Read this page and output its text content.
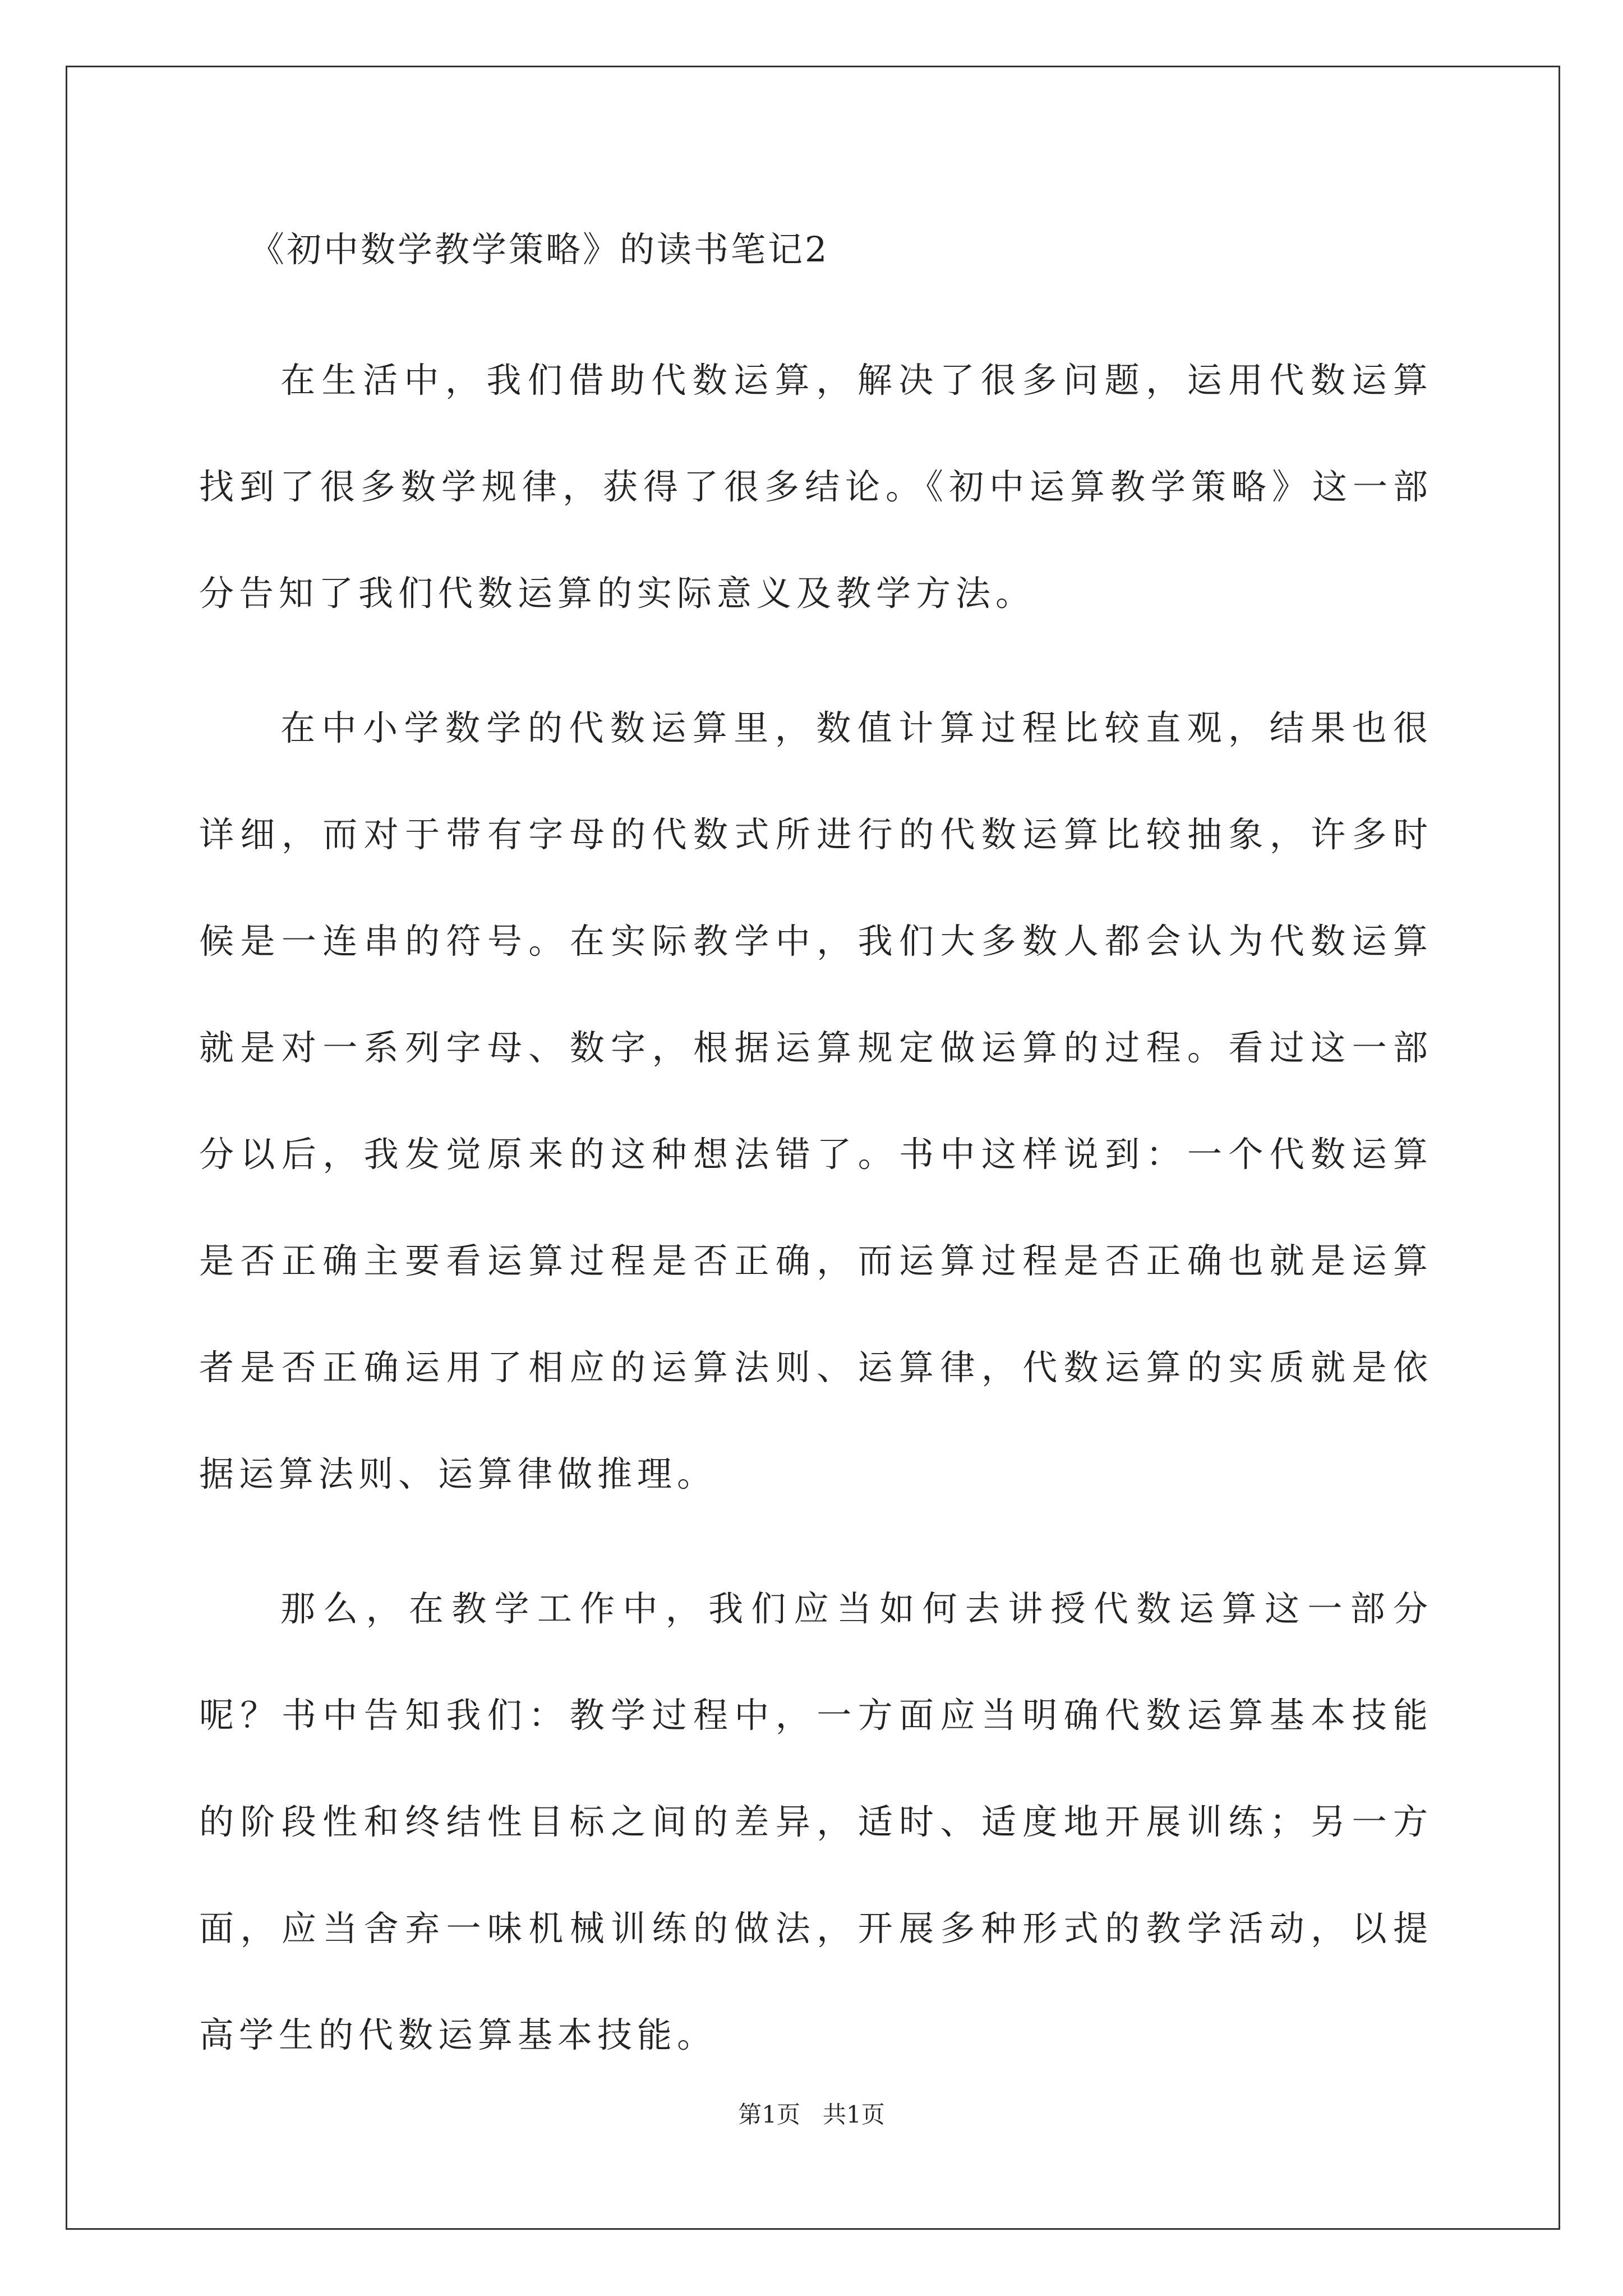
《初中数学教学策略》的读书笔记2

在生活中，我们借助代数运算，解决了很多问题，运用代数运算找到了很多数学规律，获得了很多结论。《初中运算教学策略》这一部分告知了我们代数运算的实际意义及教学方法。

在中小学数学的代数运算里，数值计算过程比较直观，结果也很详细，而对于带有字母的代数式所进行的代数运算比较抽象，许多时候是一连串的符号。在实际教学中，我们大多数人都会认为代数运算就是对一系列字母、数字，根据运算规定做运算的过程。看过这一部分以后，我发觉原来的这种想法错了。书中这样说到：一个代数运算是否正确主要看运算过程是否正确，而运算过程是否正确也就是运算者是否正确运用了相应的运算法则、运算律，代数运算的实质就是依据运算法则、运算律做推理。

那么，在教学工作中，我们应当如何去讲授代数运算这一部分呢？书中告知我们：教学过程中，一方面应当明确代数运算基本技能的阶段性和终结性目标之间的差异，适时、适度地开展训练；另一方面，应当舍弃一味机械训练的做法，开展多种形式的教学活动，以提高学生的代数运算基本技能。

第1页   共1页
